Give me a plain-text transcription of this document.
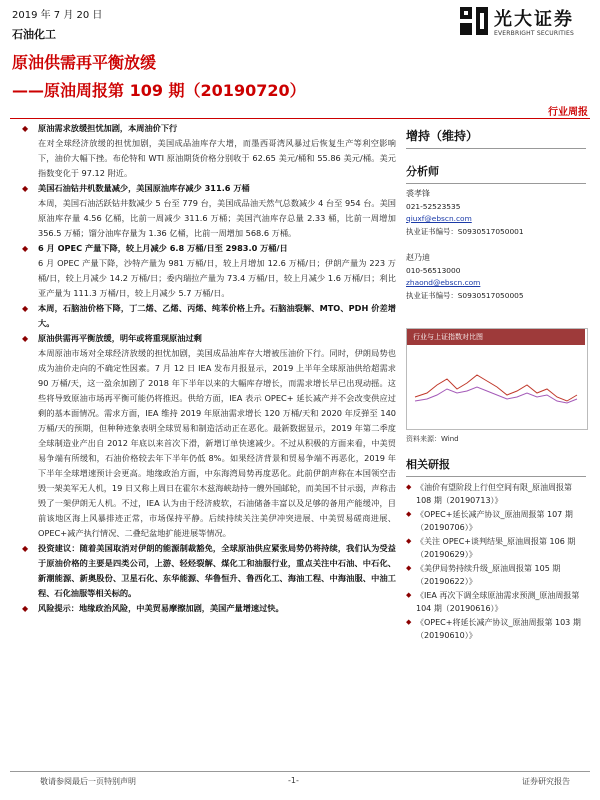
2019 年 7 月 20 日
石油化工
光大证券
EVERBRIGHT SECURITIES
原油供需再平衡放缓
——原油周报第 109 期（20190720）
行业周报
◆ 原油需求放缓担忧加剧，本周油价下行
在对全球经济放缓的担忧加剧，美国成品油库存大增，而墨西哥湾风暴过后恢复生产等利空影响下，油价大幅下挫。布伦特和 WTI 原油期货价格分别收于 62.65 美元/桶和 55.86 美元/桶。美元指数变化于 97.12 附近。
◆ 美国石油钻井机数量减少，美国原油库存减少 311.6 万桶
本周，美国石油活跃钻井数减少 5 台至 779 台，美国成品油天然气总数减少 4 台至 954 台。美国原油库存量 4.56 亿桶，比前一周减少 311.6 万桶；美国汽油库存总量 2.33 桶，比前一周增加 356.5 万桶；馏分油库存量为 1.36 亿桶，比前一周增加 568.6 万桶。
◆ 6 月 OPEC 产量下降，较上月减少 6.8 万桶/日至 2983.0 万桶/日
6 月 OPEC 产量下降，沙特产量为 981 万桶/日，较上月增加 12.6 万桶/日；伊朗产量为 223 万桶/日，较上月减少 14.2 万桶/日；委内瑞拉产量为 73.4 万桶/日，较上月减少 1.6 万桶/日；利比亚产量为 111.3 万桶/日，较上月减少 5.7 万桶/日。
◆ 本周，石脑油价格下降，丁二烯、乙烯、丙烯、纯苯价格上升。石脑油裂解、MTO、PDH 价差增大。
◆ 原油供需再平衡放缓，明年或将重现原油过剩
本周原油市场对全球经济放缓的担忧加剧，美国成品油库存大增被压油价下行。同时，伊朗局势也成为油价走向的不确定性因素。7 月 12 日 IEA 发布月报显示，2019 上半年全球原油供给超需求 90 万桶/天，这一盈余加剧了 2018 年下半年以来的大幅库存增长，而需求增长早已出现动摇。这些将导致原油市场再平衡可能仍将推迟。供给方面，IEA 表示 OPEC+ 延长减产并不会改变供应过剩的基本面情况。需求方面，IEA 维持 2019 年原油需求增长 120 万桶/天和 2020 年反弹至 140 万桶/天的预期，但种种迹象表明全球贸易和制造活动正在恶化。最新数据显示，2019 年第二季度全球制造业产出自 2012 年底以来首次下滑，新增订单快速减少。不过从积极的方面来看，中美贸易争端有所缓和，石油价格较去年下半年仍低 8%。如果经济背景和贸易争端不再恶化，2019 年下半年全球增速预计会更高。地缘政治方面，中东海湾局势再度恶化。此前伊朗声称在本国领空击毁一架美军无人机，19 日又称上周日在霍尔木兹海峡劫持一艘外国邮轮，而美国不甘示弱，声称击毁了一架伊朗无人机。不过，IEA 认为由于经济疲软，石油储备丰富以及足够的备用产能缓冲，目前该地区海上风暴排迹正常，市场保持平静。后续持续关注美伊冲突进展、中美贸易磋商进展、OPEC+减产执行情况、二叠纪盆地扩能进展等情况。
◆ 投资建议：随着美国取消对伊朗的能源制裁豁免，全球原油供应紧张局势仍将持续，我们认为受益于原油价格的主要是四类公司，上游、轻烃裂解、煤化工和油服行业，重点关注中石油、中石化、新潮能源、新奥股份、卫星石化、东华能源、华鲁恒升、鲁西化工、海油工程、中海油服、中油工程、石化油服等相关标的。
◆ 风险提示：地缘政治风险，中美贸易摩擦加剧，美国产量增速过快。
增持（维持）
分析师
裘孝锋
021-52523535
qiuxf@ebscn.com
执业证书编号：S0930517050001
赵乃迪
010-56513000
zhaond@ebscn.com
执业证书编号：S0930517050005
行业与上证指数对比图
资料来源：Wind
相关研报
◆ 《油价有望阶段上行但空间有限_原油周报第 108 期（20190713）》
◆ 《OPEC+延长减产协议_原油周报第 107 期（20190706）》
◆ 《关注 OPEC+谈判结果_原油周报第 106 期（20190629）》
◆ 《美伊局势持续升级_原油周报第 105 期（20190622）》
◆ 《IEA 再次下调全球原油需求预测_原油周报第 104 期（20190616）》
◆ 《OPEC+将延长减产协议_原油周报第 103 期（20190610）》
敬请参阅最后一页特别声明	-1-	证券研究报告
